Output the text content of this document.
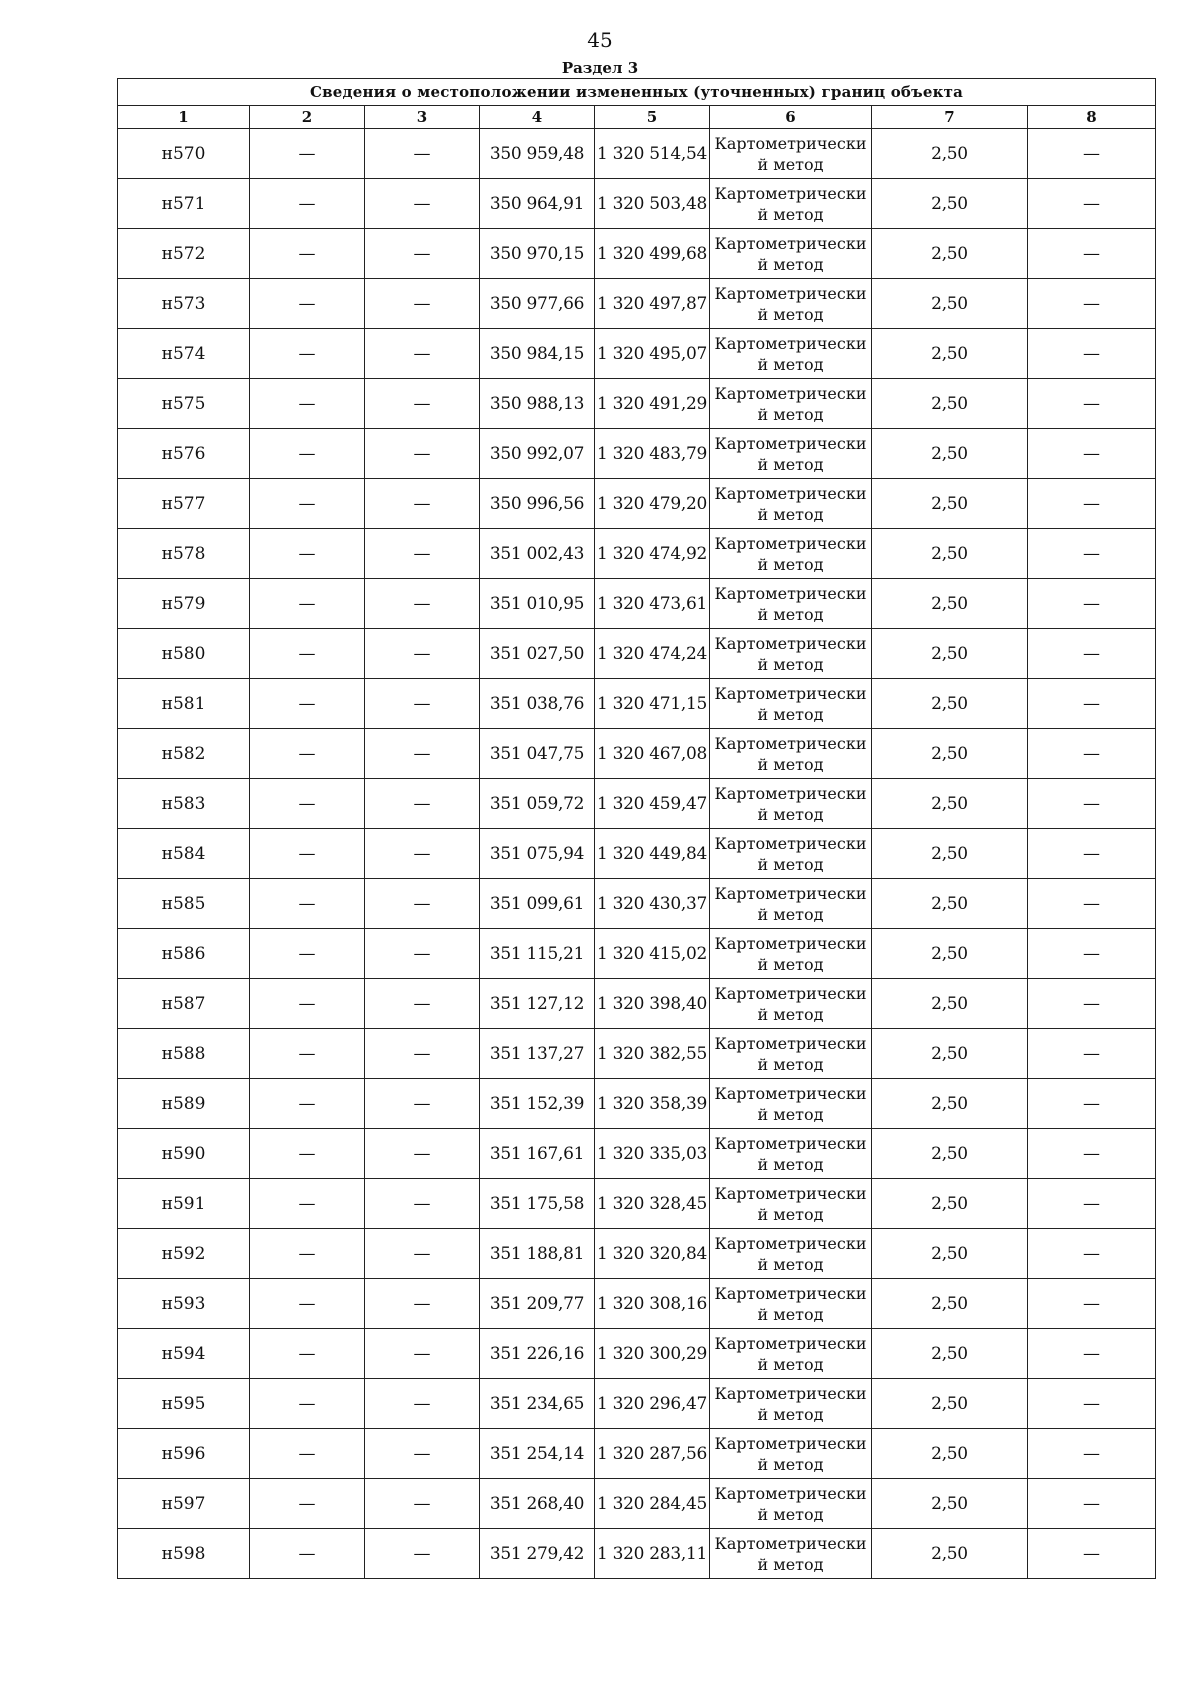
45
Раздел 3
Сведения о местоположении измененных (уточненных) границ объекта							
1	2	3	4	5	6	7	8
н570	—	—	350 959,48	1 320 514,54	Картометрический метод	2,50	—
н571	—	—	350 964,91	1 320 503,48	Картометрический метод	2,50	—
н572	—	—	350 970,15	1 320 499,68	Картометрический метод	2,50	—
н573	—	—	350 977,66	1 320 497,87	Картометрический метод	2,50	—
н574	—	—	350 984,15	1 320 495,07	Картометрический метод	2,50	—
н575	—	—	350 988,13	1 320 491,29	Картометрический метод	2,50	—
н576	—	—	350 992,07	1 320 483,79	Картометрический метод	2,50	—
н577	—	—	350 996,56	1 320 479,20	Картометрический метод	2,50	—
н578	—	—	351 002,43	1 320 474,92	Картометрический метод	2,50	—
н579	—	—	351 010,95	1 320 473,61	Картометрический метод	2,50	—
н580	—	—	351 027,50	1 320 474,24	Картометрический метод	2,50	—
н581	—	—	351 038,76	1 320 471,15	Картометрический метод	2,50	—
н582	—	—	351 047,75	1 320 467,08	Картометрический метод	2,50	—
н583	—	—	351 059,72	1 320 459,47	Картометрический метод	2,50	—
н584	—	—	351 075,94	1 320 449,84	Картометрический метод	2,50	—
н585	—	—	351 099,61	1 320 430,37	Картометрический метод	2,50	—
н586	—	—	351 115,21	1 320 415,02	Картометрический метод	2,50	—
н587	—	—	351 127,12	1 320 398,40	Картометрический метод	2,50	—
н588	—	—	351 137,27	1 320 382,55	Картометрический метод	2,50	—
н589	—	—	351 152,39	1 320 358,39	Картометрический метод	2,50	—
н590	—	—	351 167,61	1 320 335,03	Картометрический метод	2,50	—
н591	—	—	351 175,58	1 320 328,45	Картометрический метод	2,50	—
н592	—	—	351 188,81	1 320 320,84	Картометрический метод	2,50	—
н593	—	—	351 209,77	1 320 308,16	Картометрический метод	2,50	—
н594	—	—	351 226,16	1 320 300,29	Картометрический метод	2,50	—
н595	—	—	351 234,65	1 320 296,47	Картометрический метод	2,50	—
н596	—	—	351 254,14	1 320 287,56	Картометрический метод	2,50	—
н597	—	—	351 268,40	1 320 284,45	Картометрический метод	2,50	—
н598	—	—	351 279,42	1 320 283,11	Картометрический метод	2,50	—
